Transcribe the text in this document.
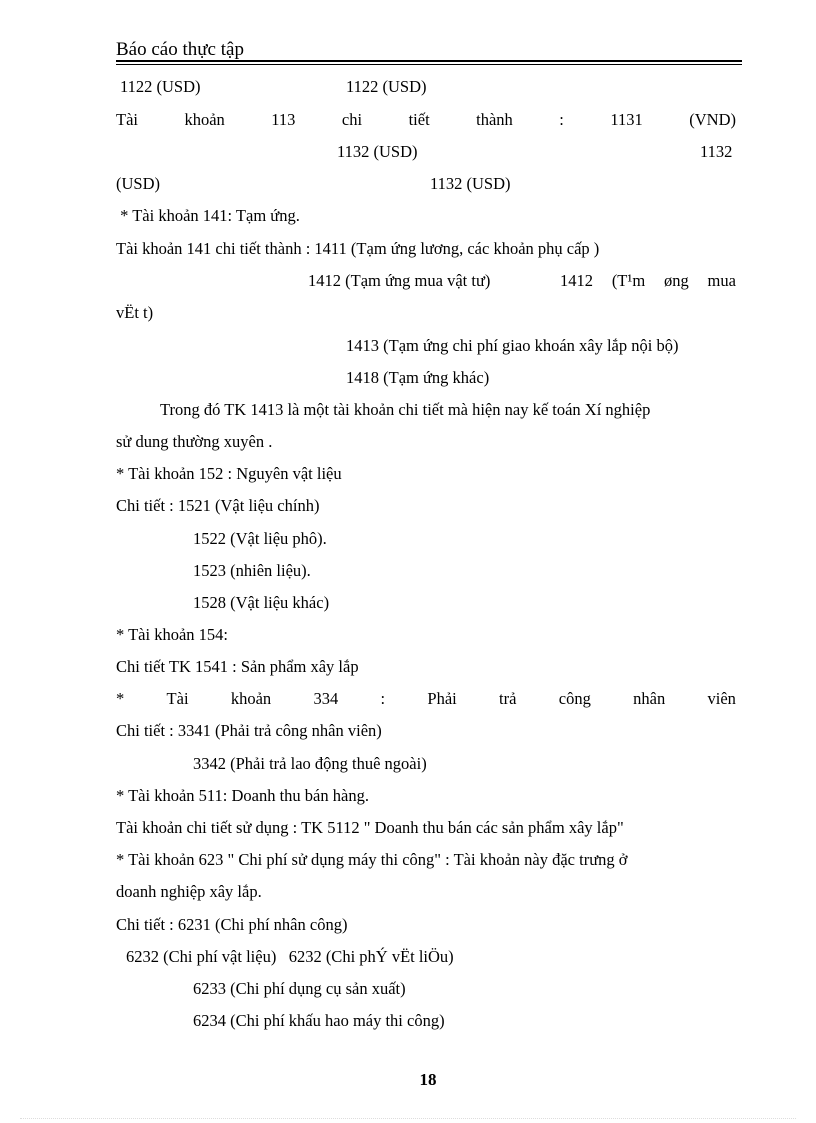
Báo cáo thực tập
1122 (USD)	1122 (USD)
Tài	khoản	113	chi	tiết	thành	:	1131	(VND)
1132 (USD)	1132
(USD)	1132 (USD)
* Tài khoản 141: Tạm ứng.
Tài khoản 141 chi tiết thành : 1411 (Tạm ứng lương, các khoản phụ cấp )
1412 (Tạm ứng mua vật tư)	1412 (T¹m øng mua
vËt t)
1413 (Tạm ứng chi phí giao khoán xây lắp nội bộ)
1418 (Tạm ứng khác)
Trong đó TK 1413 là một tài khoản chi tiết mà hiện nay kế toán Xí nghiệp
sử dung thường xuyên .
* Tài khoản 152 : Nguyên vật liệu
Chi tiết : 1521 (Vật liệu chính)
1522 (Vật liệu phô).
1523 (nhiên liệu).
1528 (Vật liệu khác)
* Tài khoản 154:
Chi tiết TK 1541 : Sản phẩm xây lắp
*	Tài	khoản	334	:	Phải	trả	công	nhân	viên
Chi tiết : 3341 (Phải trả công nhân viên)
3342 (Phải trả lao động thuê ngoài)
* Tài khoản 511: Doanh thu bán hàng.
Tài khoản chi tiết sử dụng : TK 5112 " Doanh thu bán các sản phẩm xây lắp"
* Tài khoản 623 " Chi phí sử dụng máy thi công" : Tài khoản này đặc trưng ở
doanh nghiệp xây lắp.
Chi tiết : 6231 (Chi phí nhân công)
6232 (Chi phí vật liệu)   6232 (Chi phÝ vËt liÖu)
6233 (Chi phí dụng cụ sản xuất)
6234 (Chi phí khấu hao máy thi công)
18
